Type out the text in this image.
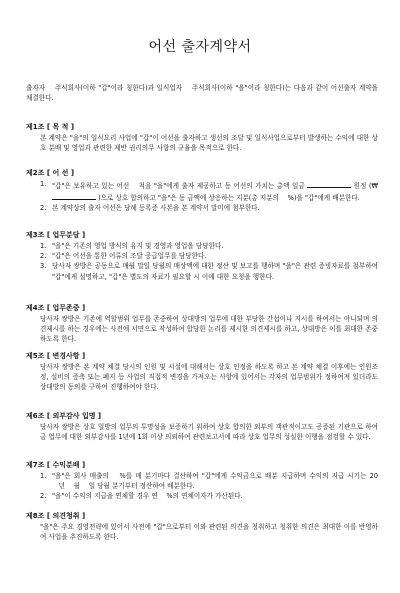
어선 출자계약서
출자자 　주식회사(이하 "갑"이라 칭한다)과 일식업자 　주식회사(이하 "을"이라 칭한다)는 다음과 같이 어선출자 계약을 체결한다.
제1조 [ 목 적 ]
본 계약은 "을"의 일식요리 사업에 "갑"이 어선을 출자하고 생선의 조달 및 일식사업으로부터 발생하는 수익에 대한 상호 분배 및 영업과 관련한 제반 권리의무 사항의 규율을 목적으로 한다.
제2조 [ 어 선 ]
1. "갑"은 보유하고 있는 어선 　척을 "을"에게 출자 제공하고 동 어선의 가치는 총액 일금	원정 (₩  )으로 상호 합의하고 "을"은 동 금액에 상응하는 지분(총 지분의 　%)을 "갑"에게 배분한다.
2. 본 계약상의 출자 어선은 당해 등록증 사본을 본 계약서 말미에 첨부한다.
제3조 [ 업무분담 ]
1. "을"은 기존의 영업 방식의 유지 및 경영과 영업을 담당한다.
2. "갑"은 어선을 통한 어류의 조달 공급업무를 담당한다.
3. 당사자 쌍방은 공동으로 매월 말일 당월의 매상액에 대한 정산 및 보고를 행하며 "을"은 관련 증빙자료를 첨부하여 "갑"에게 설명하고, "갑"은 별도의 자료가 필요할 시 이에 대한 요청을 행한다.
제4조 [ 업무존중 ]
당사자 쌍방은 기존에 역할범위 업무를 존중하여 상대방의 업무에 대한 부당한 간섭이나 지시를 하여서는 아니되며 의견제시를 하는 경우에는 사전에 서면으로 작성하여 합당한 논리를 제시한 의견제시를 하고, 상대방은 이를 최대한 존중하도록 한다.
제5조 [ 변경사항 ]
당사자 쌍방은 본 계약 체결 당시의 인원 및 시설에 대해서는 상호 인정을 하도록 하고 본 계약 체결 이후에는 인원조정, 설비의 증축 또는 폐지 등 사업의 직접적 변경을 가져오는 사항에 있어서는 각자의 업무범위가 정하여져 있더라도 상대방의 동의를 구하여 진행하여야 한다.
제6조 [ 외부감사 입명 ]
당사자 쌍방은 상호 일방의 업무의 투명성을 보증하기 위하여 상호 합의한 외부의 객관적이고도 공증된 기관으로 하여금 업무에 대한 외부감사를 1년에 1회 이상 의뢰하여 관련보고서에 따라 상호 업무의 성실한 이행을 점검할 수 있다.
제7조 [ 수익분배 ]
1. "을"은 회사 매출의 　%를 매 분기마다 결산하여 "갑"에게 수익금으로 배분 지급하며 수익의 지급 시기는 20 　년 　월 　일 당월 분기부터 정산하여 배분한다.
2. "을"이 수익의 지급을 연체할 경우 연 　%의 연체이자가 가산된다.
제8조 [ 의견청취 ]
"을"은 주요 경영전략에 있어서 사전에 "갑"으로부터 이와 관련된 의견을 청취하고 청취한 의견은 최대한 이를 반영하여 사업을 추진하도록 한다.
